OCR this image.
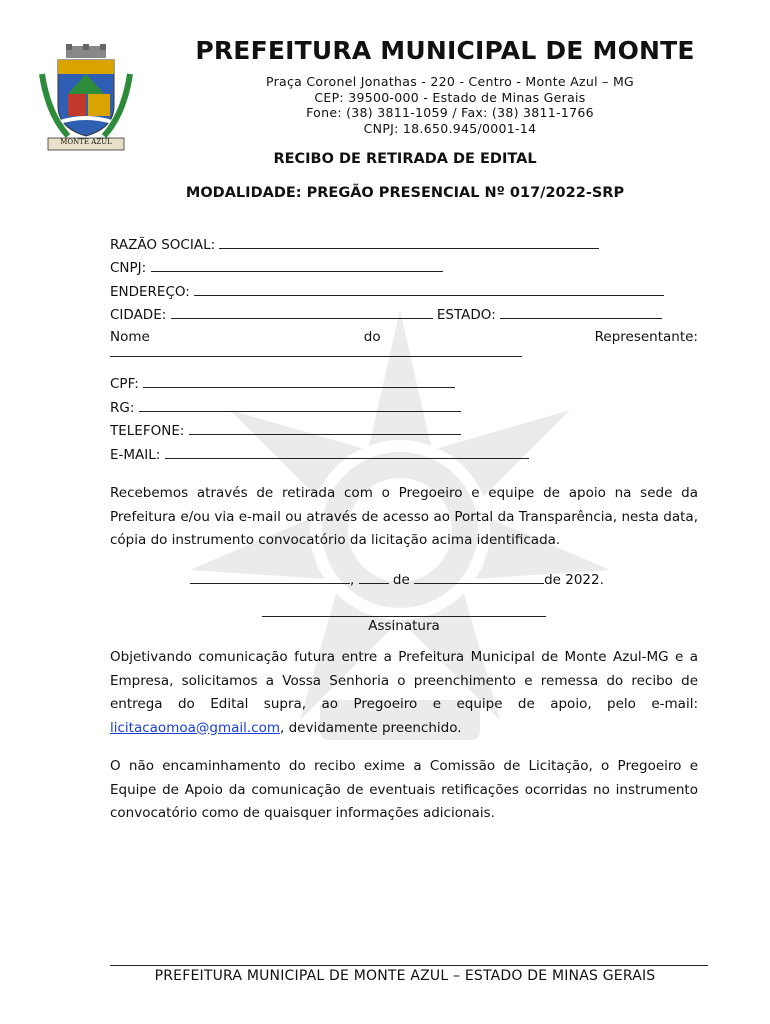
MONTE AZUL
PREFEITURA MUNICIPAL DE MONTE
Praça Coronel Jonathas - 220 - Centro - Monte Azul – MG
CEP: 39500-000 - Estado de Minas Gerais
Fone: (38) 3811-1059 / Fax: (38) 3811-1766
CNPJ: 18.650.945/0001-14
RECIBO DE RETIRADA DE EDITAL
MODALIDADE: PREGÃO PRESENCIAL Nº 017/2022-SRP
RAZÃO SOCIAL:
CNPJ:
ENDEREÇO:
CIDADE:	ESTADO:
Nome	do	Representante:
CPF:
RG:
TELEFONE:
E-MAIL:
Recebemos através de retirada com o Pregoeiro e equipe de apoio na sede da Prefeitura e/ou via e-mail ou através de acesso ao Portal da Transparência, nesta data, cópia do instrumento convocatório da licitação acima identificada.
,	de	de 2022.
Assinatura
Objetivando comunicação futura entre a Prefeitura Municipal de Monte Azul-MG e a Empresa, solicitamos a Vossa Senhoria o preenchimento e remessa do recibo de entrega do Edital supra, ao Pregoeiro e equipe de apoio, pelo e-mail: licitacaomoa@gmail.com, devidamente preenchido.
O não encaminhamento do recibo exime a Comissão de Licitação, o Pregoeiro e Equipe de Apoio da comunicação de eventuais retificações ocorridas no instrumento convocatório como de quaisquer informações adicionais.
PREFEITURA MUNICIPAL DE MONTE AZUL – ESTADO DE MINAS GERAIS
